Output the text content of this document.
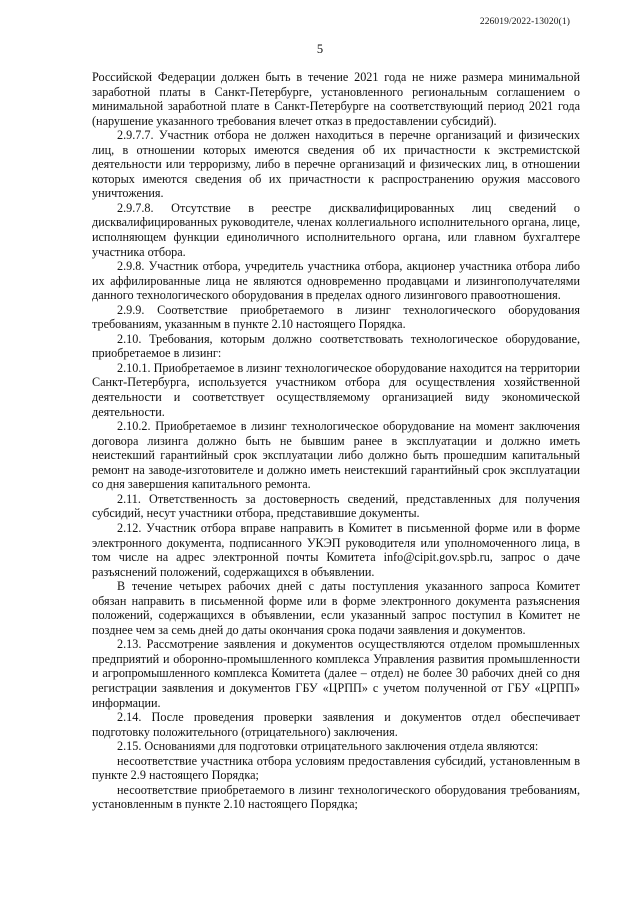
226019/2022-13020(1)
5

Российской Федерации должен быть в течение 2021 года не ниже размера минимальной заработной платы в Санкт-Петербурге, установленного региональным соглашением о минимальной заработной плате в Санкт-Петербурге на соответствующий период 2021 года (нарушение указанного требования влечет отказ в предоставлении субсидий).

2.9.7.7. Участник отбора не должен находиться в перечне организаций и физических лиц, в отношении которых имеются сведения об их причастности к экстремистской деятельности или терроризму, либо в перечне организаций и физических лиц, в отношении которых имеются сведения об их причастности к распространению оружия массового уничтожения.

2.9.7.8. Отсутствие в реестре дисквалифицированных лиц сведений о дисквалифицированных руководителе, членах коллегиального исполнительного органа, лице, исполняющем функции единоличного исполнительного органа, или главном бухгалтере участника отбора.

2.9.8. Участник отбора, учредитель участника отбора, акционер участника отбора либо их аффилированные лица не являются одновременно продавцами и лизингополучателями данного технологического оборудования в пределах одного лизингового правоотношения.

2.9.9. Соответствие приобретаемого в лизинг технологического оборудования требованиям, указанным в пункте 2.10 настоящего Порядка.

2.10. Требования, которым должно соответствовать технологическое оборудование, приобретаемое в лизинг:

2.10.1. Приобретаемое в лизинг технологическое оборудование находится на территории Санкт-Петербурга, используется участником отбора для осуществления хозяйственной деятельности и соответствует осуществляемому организацией виду экономической деятельности.

2.10.2. Приобретаемое в лизинг технологическое оборудование на момент заключения договора лизинга должно быть не бывшим ранее в эксплуатации и должно иметь неистекший гарантийный срок эксплуатации либо должно быть прошедшим капитальный ремонт на заводе-изготовителе и должно иметь неистекший гарантийный срок эксплуатации со дня завершения капитального ремонта.

2.11. Ответственность за достоверность сведений, представленных для получения субсидий, несут участники отбора, представившие документы.

2.12. Участник отбора вправе направить в Комитет в письменной форме или в форме электронного документа, подписанного УКЭП руководителя или уполномоченного лица, в том числе на адрес электронной почты Комитета info@cipit.gov.spb.ru, запрос о даче разъяснений положений, содержащихся в объявлении.

В течение четырех рабочих дней с даты поступления указанного запроса Комитет обязан направить в письменной форме или в форме электронного документа разъяснения положений, содержащихся в объявлении, если указанный запрос поступил в Комитет не позднее чем за семь дней до даты окончания срока подачи заявления и документов.

2.13. Рассмотрение заявления и документов осуществляются отделом промышленных предприятий и оборонно-промышленного комплекса Управления развития промышленности и агропромышленного комплекса Комитета (далее – отдел) не более 30 рабочих дней со дня регистрации заявления и документов ГБУ «ЦРПП» с учетом полученной от ГБУ «ЦРПП» информации.

2.14. После проведения проверки заявления и документов отдел обеспечивает подготовку положительного (отрицательного) заключения.

2.15. Основаниями для подготовки отрицательного заключения отдела являются:

несоответствие участника отбора условиям предоставления субсидий, установленным в пункте 2.9 настоящего Порядка;

несоответствие приобретаемого в лизинг технологического оборудования требованиям, установленным в пункте 2.10 настоящего Порядка;
